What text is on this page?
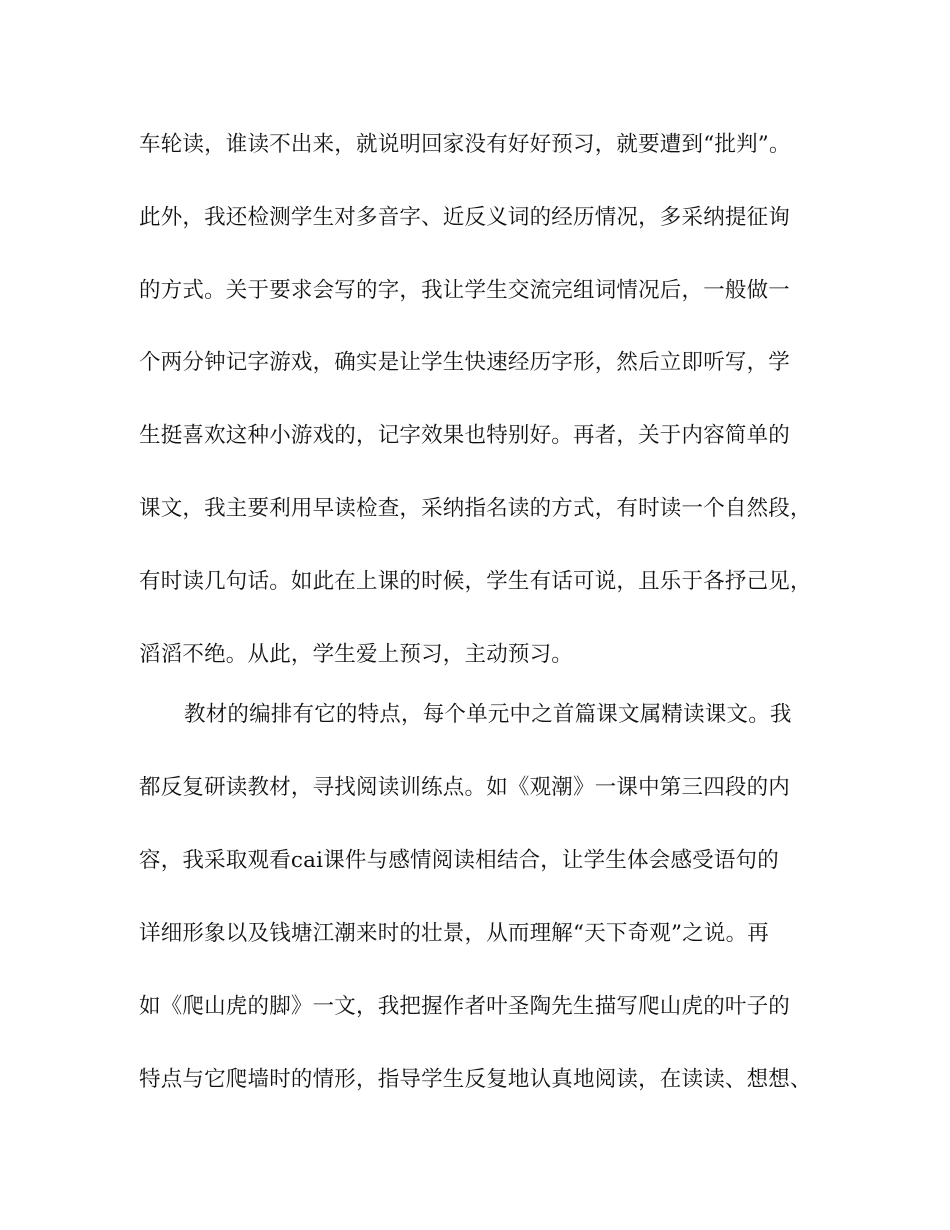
车轮读，谁读不出来，就说明回家没有好好预习，就要遭到“批判”。
此外，我还检测学生对多音字、近反义词的经历情况，多采纳提征询
的方式。关于要求会写的字，我让学生交流完组词情况后，一般做一
个两分钟记字游戏，确实是让学生快速经历字形，然后立即听写，学
生挺喜欢这种小游戏的，记字效果也特别好。再者，关于内容简单的
课文，我主要利用早读检查，采纳指名读的方式，有时读一个自然段，
有时读几句话。如此在上课的时候，学生有话可说，且乐于各抒己见，
滔滔不绝。从此，学生爱上预习，主动预习。
教材的编排有它的特点，每个单元中之首篇课文属精读课文。我
都反复研读教材，寻找阅读训练点。如《观潮》一课中第三四段的内
容，我采取观看cai课件与感情阅读相结合，让学生体会感受语句的
详细形象以及钱塘江潮来时的壮景，从而理解“天下奇观”之说。再
如《爬山虎的脚》一文，我把握作者叶圣陶先生描写爬山虎的叶子的
特点与它爬墙时的情形，指导学生反复地认真地阅读，在读读、想想、
